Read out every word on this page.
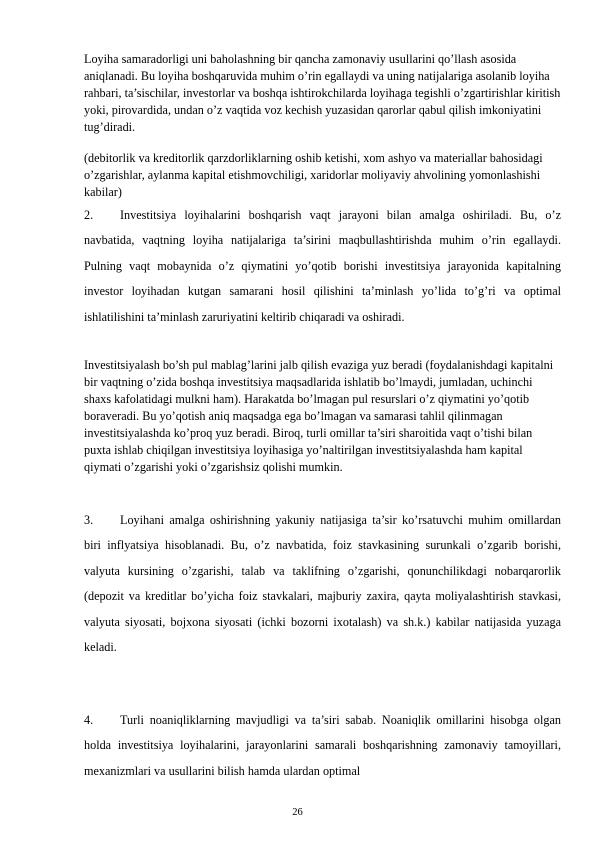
Loyiha samaradorligi uni baholashning bir qancha zamonaviy usullarini qo’llash asosida aniqlanadi. Bu loyiha boshqaruvida muhim o’rin egallaydi va uning natijalariga asolanib loyiha rahbari, ta’sischilar, investorlar va boshqa ishtirokchilarda loyihaga tegishli o’zgartirishlar kiritish yoki, pirovardida, undan o’z vaqtida voz kechish yuzasidan qarorlar qabul qilish imkoniyatini tug’diradi.

(debitorlik va kreditorlik qarzdorliklarning oshib ketishi, xom ashyo va materiallar bahosidagi o’zgarishlar, aylanma kapital etishmovchiligi, xaridorlar moliyaviy ahvolining yomonlashishi kabilar)

2. Investitsiya loyihalarini boshqarish vaqt jarayoni bilan amalga oshiriladi. Bu, o’z navbatida, vaqtning loyiha natijalariga ta’sirini maqbullashtirishda muhim o’rin egallaydi. Pulning vaqt mobaynida o’z qiymatini yo’qotib borishi investitsiya jarayonida kapitalning investor loyihadan kutgan samarani hosil qilishini ta’minlash yo’lida to’g’ri va optimal ishlatilishini ta’minlash zaruriyatini keltirib chiqaradi va oshiradi.

Investitsiyalash bo’sh pul mablag’larini jalb qilish evaziga yuz beradi (foydalanishdagi kapitalni bir vaqtning o’zida boshqa investitsiya maqsadlarida ishlatib bo’lmaydi, jumladan, uchinchi shaxs kafolatidagi mulkni ham). Harakatda bo’lmagan pul resurslari o’z qiymatini yo’qotib boraveradi. Bu yo’qotish aniq maqsadga ega bo’lmagan va samarasi tahlil qilinmagan investitsiyalashda ko’proq yuz beradi. Biroq, turli omillar ta’siri sharoitida vaqt o’tishi bilan puxta ishlab chiqilgan investitsiya loyihasiga yo’naltirilgan investitsiyalashda ham kapital qiymati o’zgarishi yoki o’zgarishsiz qolishi mumkin.

3. Loyihani amalga oshirishning yakuniy natijasiga ta’sir ko’rsatuvchi muhim omillardan biri inflyatsiya hisoblanadi. Bu, o’z navbatida, foiz stavkasining surunkali o’zgarib borishi, valyuta kursining o’zgarishi, talab va taklifning o’zgarishi, qonunchilikdagi nobarqarorlik (depozit va kreditlar bo’yicha foiz stavkalari, majburiy zaxira, qayta moliyalashtirish stavkasi, valyuta siyosati, bojxona siyosati (ichki bozorni ixotalash) va sh.k.) kabilar natijasida yuzaga keladi.

4. Turli noaniqliklarning mavjudligi va ta’siri sabab. Noaniqlik omillarini hisobga olgan holda investitsiya loyihalarini, jarayonlarini samarali boshqarishning zamonaviy tamoyillari, mexanizmlari va usullarini bilish hamda ulardan optimal

26
